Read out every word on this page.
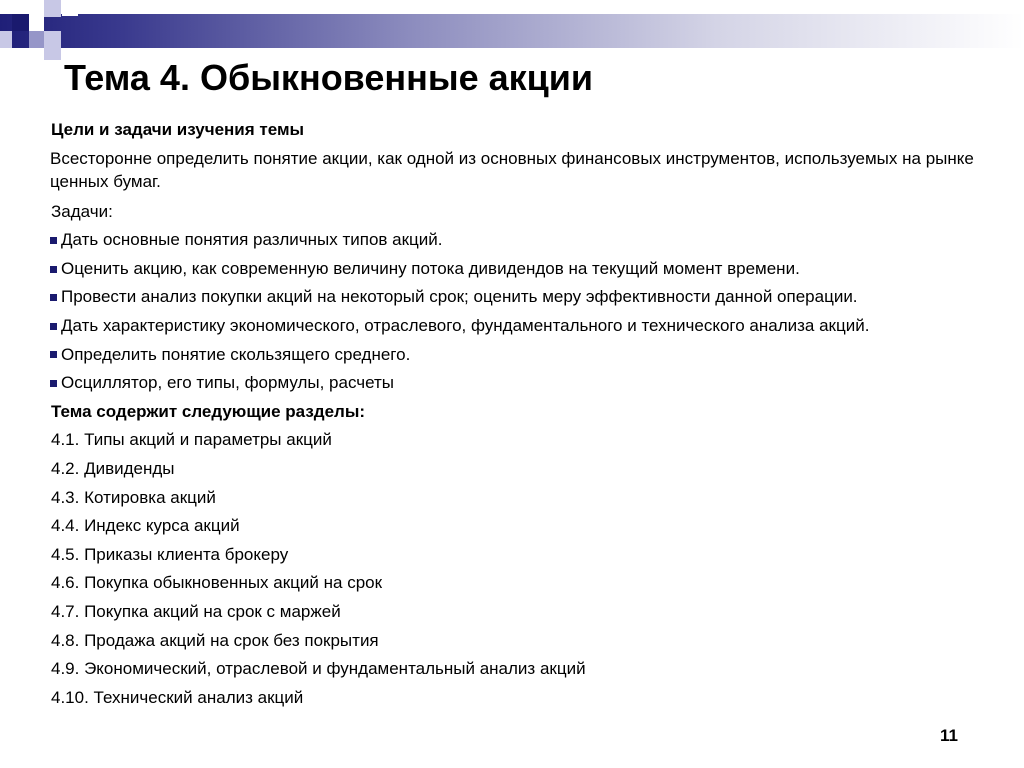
Тема 4. Обыкновенные акции

Цели и задачи изучения темы

Всесторонне определить понятие акции, как одной из основных финансовых инструментов, используемых на рынке ценных бумаг.

Задачи:

Дать основные понятия различных типов акций.

Оценить акцию, как современную величину потока дивидендов на текущий момент времени.

Провести анализ покупки акций на некоторый срок; оценить меру эффективности данной операции.

Дать характеристику экономического, отраслевого, фундаментального и технического анализа акций.

Определить понятие скользящего среднего.

Осциллятор, его типы, формулы, расчеты

Тема содержит следующие разделы:

4.1. Типы акций и параметры акций

4.2. Дивиденды

4.3. Котировка акций

4.4. Индекс курса акций

4.5. Приказы клиента брокеру

4.6. Покупка обыкновенных акций на срок

4.7. Покупка акций на срок с маржей

4.8. Продажа акций на срок без покрытия

4.9. Экономический, отраслевой и фундаментальный анализ акций

4.10. Технический анализ акций

11
